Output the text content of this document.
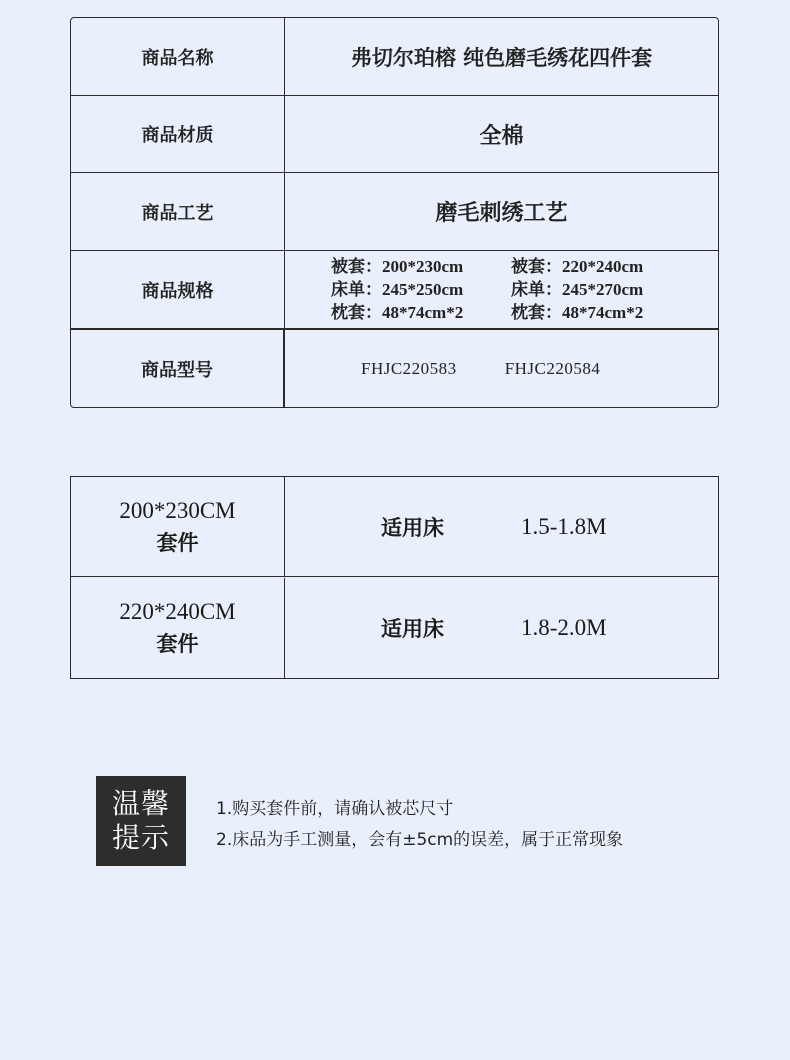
商品名称	弗切尔珀榕 纯色磨毛绣花四件套
商品材质	全棉
商品工艺	磨毛刺绣工艺
商品规格
被套：200*230cm	被套：220*240cm
床单：245*250cm	床单：245*270cm
枕套：48*74cm*2	枕套：48*74cm*2
商品型号	FHJC220583	FHJC220584
200*230CM
套件
适用床	1.5-1.8M
220*240CM
套件
适用床	1.8-2.0M
温馨
提示
1.购买套件前，请确认被芯尺寸
2.床品为手工测量，会有±5cm的误差，属于正常现象
